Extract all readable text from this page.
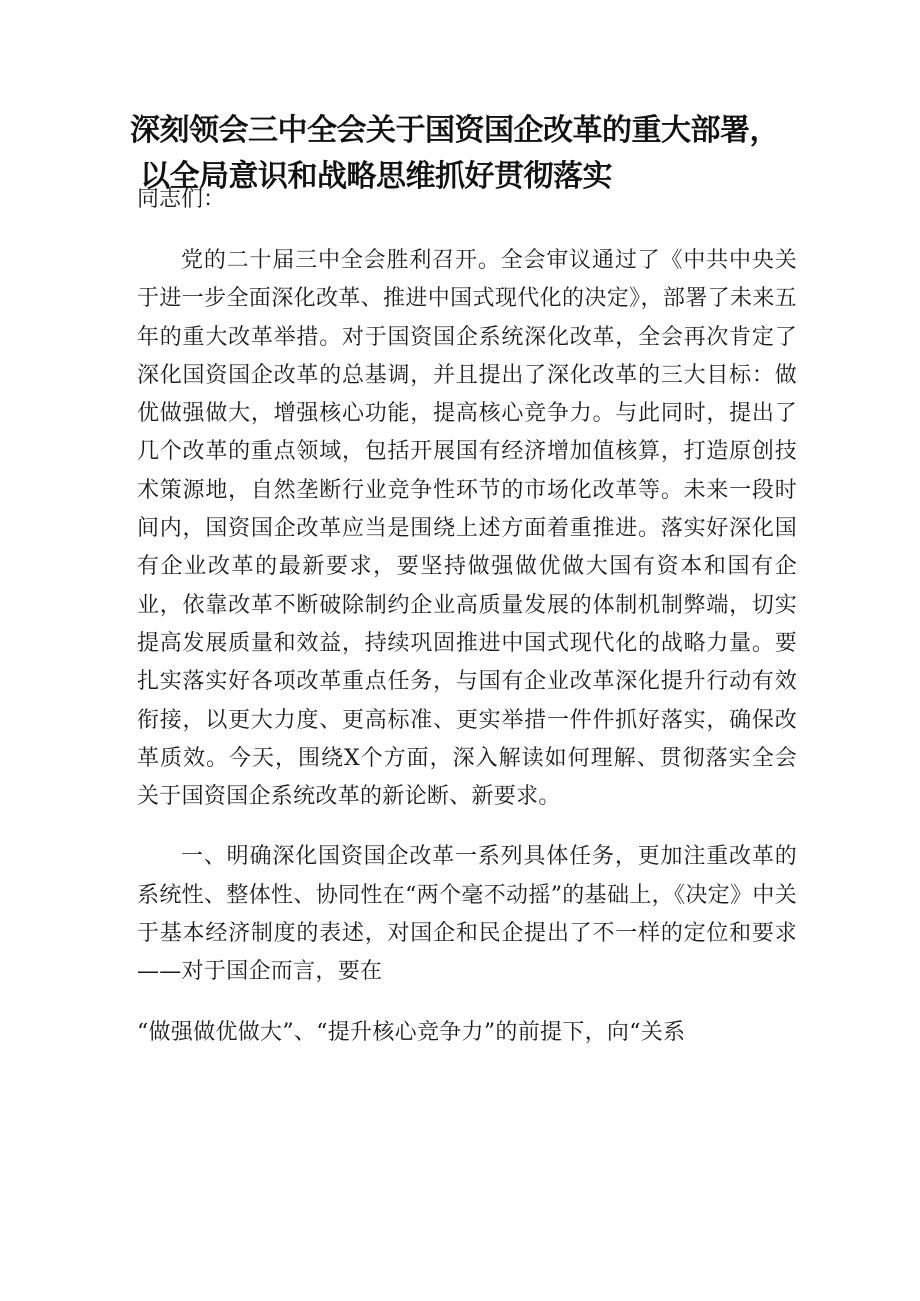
深刻领会三中全会关于国资国企改革的重大部署，
以全局意识和战略思维抓好贯彻落实
同志们：

党的二十届三中全会胜利召开。全会审议通过了《中共中央关于进一步全面深化改革、推进中国式现代化的决定》，部署了未来五年的重大改革举措。对于国资国企系统深化改革，全会再次肯定了深化国资国企改革的总基调，并且提出了深化改革的三大目标：做优做强做大，增强核心功能，提高核心竞争力。与此同时，提出了几个改革的重点领域，包括开展国有经济增加值核算，打造原创技术策源地，自然垄断行业竞争性环节的市场化改革等。未来一段时间内，国资国企改革应当是围绕上述方面着重推进。落实好深化国有企业改革的最新要求，要坚持做强做优做大国有资本和国有企业，依靠改革不断破除制约企业高质量发展的体制机制弊端，切实提高发展质量和效益，持续巩固推进中国式现代化的战略力量。要扎实落实好各项改革重点任务，与国有企业改革深化提升行动有效衔接，以更大力度、更高标准、更实举措一件件抓好落实，确保改革质效。今天，围绕X个方面，深入解读如何理解、贯彻落实全会关于国资国企系统改革的新论断、新要求。

一、明确深化国资国企改革一系列具体任务，更加注重改革的系统性、整体性、协同性在“两个毫不动摇”的基础上，《决定》中关于基本经济制度的表述，对国企和民企提出了不一样的定位和要求——对于国企而言，要在

“做强做优做大”、“提升核心竞争力”的前提下，向“关系
